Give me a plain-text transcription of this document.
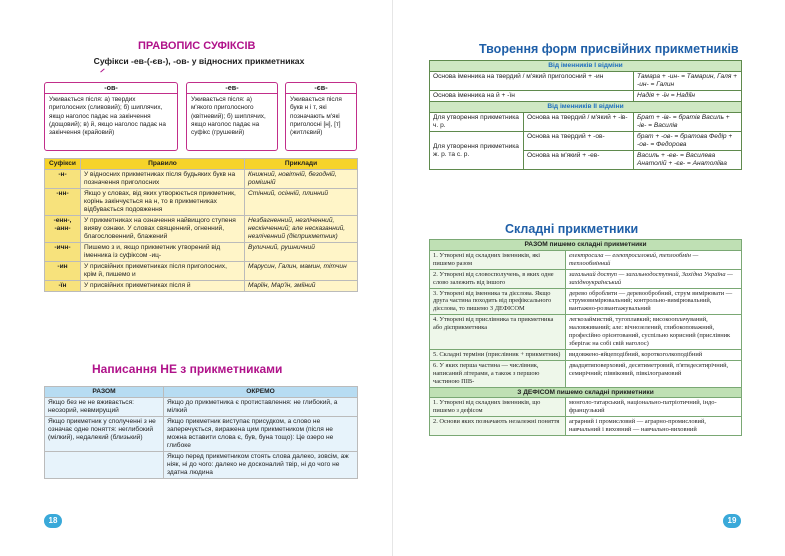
ПРАВОПИС СУФІКСІВ
Суфікси -ев-(-єв-), -ов- у відносних прикметниках
-ов-
Уживається після: а) твердих приголосних (сливовий); б) шиплячих, якщо наголос падає на закінчення (дощовий); в) й, якщо наголос падає на закінчення (крайовий)
-ев-
Уживається після: а) м'якого приголосного (квітневий); б) шиплячих, якщо наголос падає на суфікс (грушевий)
-єв-
Уживається після букв н і т, які позначають м'які приголосні [н], [т] (житлєвий)
Суфікси	Правило	Приклади
-н-	У відносних прикметниках після будьяких букв на позначення приголосних	Книжний, новітній, безодній, ромішній
-нн-	Якщо у словах, від яких утворюється прикметник, корінь закінчується на н, то в прикметниках відбувається подовження	Стінний, осінній, плинний
-енн-, -анн-	У прикметниках на означення найвищого ступеня вияву ознаки. У словах священний, огненний, благословенний, блажений	Незбагненний, незліченний, нескінченний; але несказанний, незліченний (дієприкметник)
-ичн-	Пишемо з и, якщо прикметник утворений від іменника із суфіксом -иц-	Вуличний, рушничний
-ин	У присвійних прикметниках після приголосних, крім й, пишемо и	Марусин, Галин, мамин, тітчин
-їн	У присвійних прикметниках після й	Марїїн, Мар'їн, зміїний
Написання НЕ з прикметниками
РАЗОМ	ОКРЕМО
Якщо без не не вживається: неозорий, невмирущий	Якщо до прикметника є протиставлення: не глибокий, а мілкий
Якщо прикметник у сполученні з не означає одне поняття: неглибокий (мілкий), недалекий (близький)	Якщо прикметник виступає присудком, а слово не заперечується, виражена цим прикметником (після не можна вставити слова є, був, буна тощо): Це озеро не глибоке
	Якщо перед прикметником стоять слова далеко, зовсім, аж ніяк, ні до чого: далеко не досконалий твір, ні до чого не здатна людина
18
Творення форм присвійних прикметників
Від іменників I відміни		
Основа іменника на твердий / м'який приголосний + -ин		Тамара + -ин- = Тамарин, Галя + -ин- = Галин
Основа іменника на й + -їн		Надія + -їн = Надїїн
Від іменників II відміни		
Для утворення прикметника ч. р.	Основа на твердий / м'який + -ів-	Брат + -ів- = братів Василь + -ів- = Василів
Для утворення прикметника ж. р. та с. р.	Основа на твердий + -ов-	брат + -ов- = братова Федір + -ов- = Федорова
	Основа на м'який + -ев-	Василь + -ев- = Василева Анатолій + -єв- = Анатоліїва
Складні прикметники
РАЗОМ пишемо складні прикметники	
1. Утворені від складних іменників, які пишемо разом	електросила — електросиловий, теплообмін — теплообмінний
2. Утворені від словосполучень, в яких одне слово залежить від іншого	загальний доступ — загальнодоступний, Західна Україна — західноукраїнський
3. Утворені від іменника та дієслова. Якщо друга частина походить від префіксального дієслова, то пишемо З ДЕФІСОМ	дерево обробляти — деревообробний, струм вимірювати — струмовимірювальний; контрольно-вимірювальний, вантажно-розвантажувальний
4. Утворені від прислівника та прикметника або дієприкметника	легкозаймистий, тугоплавкий; високооплачуваний, маловживаний; але: вічнозелений, глибокоповажний, професійно орієнтований, суспільно корисний (прислівник зберігає на собі свій наголос)
5. Складні терміни (прислівник + прикметник)	видовжено-яйцеподібний, короткоголкоподібний
6. У яких перша частина — числівник, написаний літерами, а також з першою частиною ПІВ-	двадцятиповерховий, десятиметровий, п'ятидесятирічний, семирічний; піввіковий, півкілограмовий
З ДЕФІСОМ пишемо складні прикметники	
1. Утворені від складних іменників, що пишемо з дефісом	монголо-татарський, національно-патріотичний, індо-французький
2. Основи яких позначають незалежні поняття	аграрний і промисловий — аграрно-промисловий, навчальний і виховний — навчально-виховний
19
